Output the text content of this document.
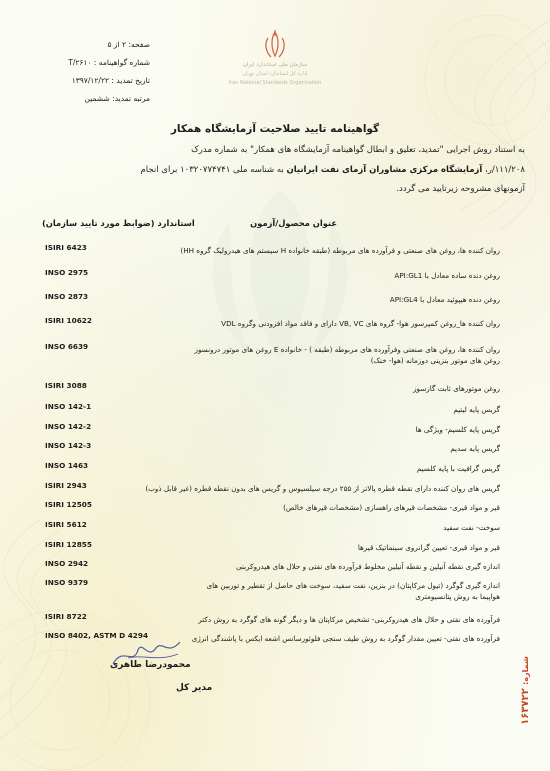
سازمان ملی استاندارد ایران
اداره کل استاندارد استان تهران
Iran National Standards Organization
صفحه: ۲ از ۵
شماره گواهینامه : ۲۶۱۰/T
تاریخ تمدید : ۱۳۹۷/۱۲/۲۲
مرتبه تمدید: ششمین
گواهینامه تایید صلاحیت آزمایشگاه همکار
به استناد روش اجرایی "تمدید، تعلیق و ابطال گواهینامه آزمایشگاه های همکار" به شماره مدرک
۱۱۱/۲۰۸/ر، آزمایشگاه مرکزی مشاوران آزمای نفت ایرانیان به شناسه ملی ۱۰۳۲۰۷۷۴۷۴۱ برای انجام
آزمونهای مشروحه زیرتایید می گردد.
عنوان محصول/آزمون
استاندارد (ضوابط مورد تایید سازمان)
ISIRI 6423	روان کننده ها، روغن های صنعتی و فرآورده های مربوطه (طبقه خانواده H سیستم های هیدرولیک گروه HH)
INSO 2975	روغن دنده ساده معادل با API:GL1
INSO 2873	روغن دنده هیپوئید معادل با API:GL4
ISIRI 10622	روان کننده ها_روغن کمپرسور هوا- گروه های VB, VC دارای و فاقد مواد افزودنی وگروه VDL
INSO 6639	روان کننده ها، روغن های صنعتی وفرآورده های مربوطه (طبقه ) - خانواده E روغن های موتور درونسوز
روغن های موتور بنزینی دوزمانه (هوا- خنک)
ISIRI 3088	روغن موتورهای ثابت گازسوز
INSO 142-1	گریس پایه لیتیم
INSO 142-2	گریس پایه کلسیم- ویژگی ها
INSO 142-3	گریس پایه سدیم
INSO 1463	گریس گرافیت با پایه کلسیم
ISIRI 2943	گریس های روان کننده دارای نقطه قطره پالاتر از ۲۵۵ درجه سیلسیوس و گریس های بدون نقطه قطره (غیر قابل ذوب)
ISIRI 12505	قیر و مواد قیری- مشخصات قیرهای راهسازی (مشخصات قیرهای خالص)
ISIRI 5612	سوخت- نفت سفید
ISIRI 12855	قیر و مواد قیری- تعیین گرانروی سینماتیک قیرها
INSO 2942	اندازه گیری نقطه آنیلین و نقطه آنیلین مخلوط فرآورده های نفتی و حلال های هیدروکربنی
INSO 9379	اندازه گیری گوگرد (تیول مرکاپتان) در بنزین، نفت سفید، سوخت های حاصل از تقطیر و توربین های
هواپیما به روش پتانسیومتری
ISIRI 8722	فرآورده های نفتی و حلال های هیدروکربنی- تشخیص مرکاپتان ها و دیگر گونه های گوگرد به روش دکتر
INSO 8402, ASTM D 4294	فرآورده های نفتی- تعیین مقدار گوگرد به روش طیف سنجی فلوئورسانس اشعه ایکس با پاشندگی انرژی
محمودرضا طاهری
مدیر کل
شماره: ۱۶۳۷۲۲
